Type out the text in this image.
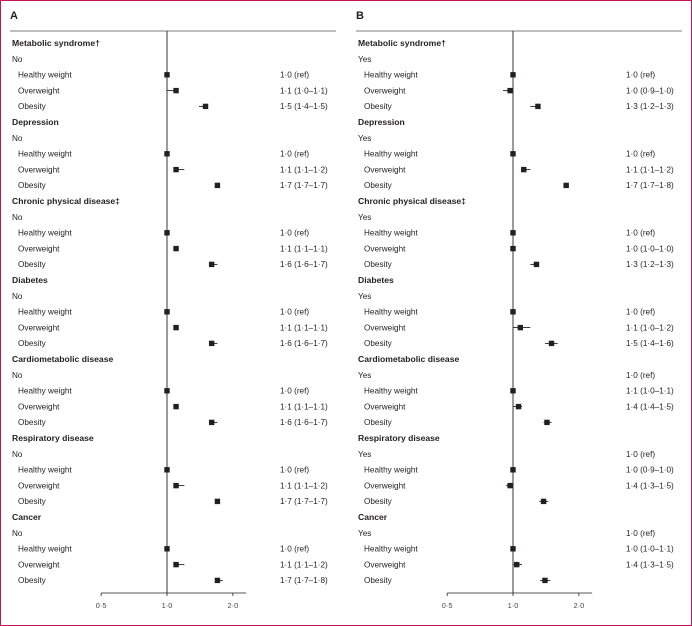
A
0·5	1·0	2·0
Metabolic syndrome†
No
Healthy weight	1·0 (ref)
Overweight	1·1 (1·0–1·1)
Obesity	1·5 (1·4–1·5)
Depression
No
Healthy weight	1·0 (ref)
Overweight	1·1 (1·1–1·2)
Obesity	1·7 (1·7–1·7)
Chronic physical disease‡
No
Healthy weight	1·0 (ref)
Overweight	1·1 (1·1–1·1)
Obesity	1·6 (1·6–1·7)
Diabetes
No
Healthy weight	1·0 (ref)
Overweight	1·1 (1·1–1·1)
Obesity	1·6 (1·6–1·7)
Cardiometabolic disease
No
Healthy weight	1·0 (ref)
Overweight	1·1 (1·1–1·1)
Obesity	1·6 (1·6–1·7)
Respiratory disease
No
Healthy weight	1·0 (ref)
Overweight	1·1 (1·1–1·2)
Obesity	1·7 (1·7–1·7)
Cancer
No
Healthy weight	1·0 (ref)
Overweight	1·1 (1·1–1·2)
Obesity	1·7 (1·7–1·8)
B
0·5	1·0	2·0
Metabolic syndrome†
Yes
Healthy weight	1·0 (ref)
Overweight	1·0 (0·9–1·0)
Obesity	1·3 (1·2–1·3)
Depression
Yes
Healthy weight	1·0 (ref)
Overweight	1·1 (1·1–1·2)
Obesity	1·7 (1·7–1·8)
Chronic physical disease‡
Yes
Healthy weight	1·0 (ref)
Overweight	1·0 (1·0–1·0)
Obesity	1·3 (1·2–1·3)
Diabetes
Yes
Healthy weight	1·0 (ref)
Overweight	1·1 (1·0–1·2)
Obesity	1·5 (1·4–1·6)
Cardiometabolic disease
Yes	1·0 (ref)
Healthy weight	1·1 (1·0–1·1)
Overweight	1·4 (1·4–1·5)
Obesity
Respiratory disease
Yes	1·0 (ref)
Healthy weight	1·0 (0·9–1·0)
Overweight	1·4 (1·3–1·5)
Obesity
Cancer
Yes	1·0 (ref)
Healthy weight	1·0 (1·0–1·1)
Overweight	1·4 (1·3–1·5)
Obesity
